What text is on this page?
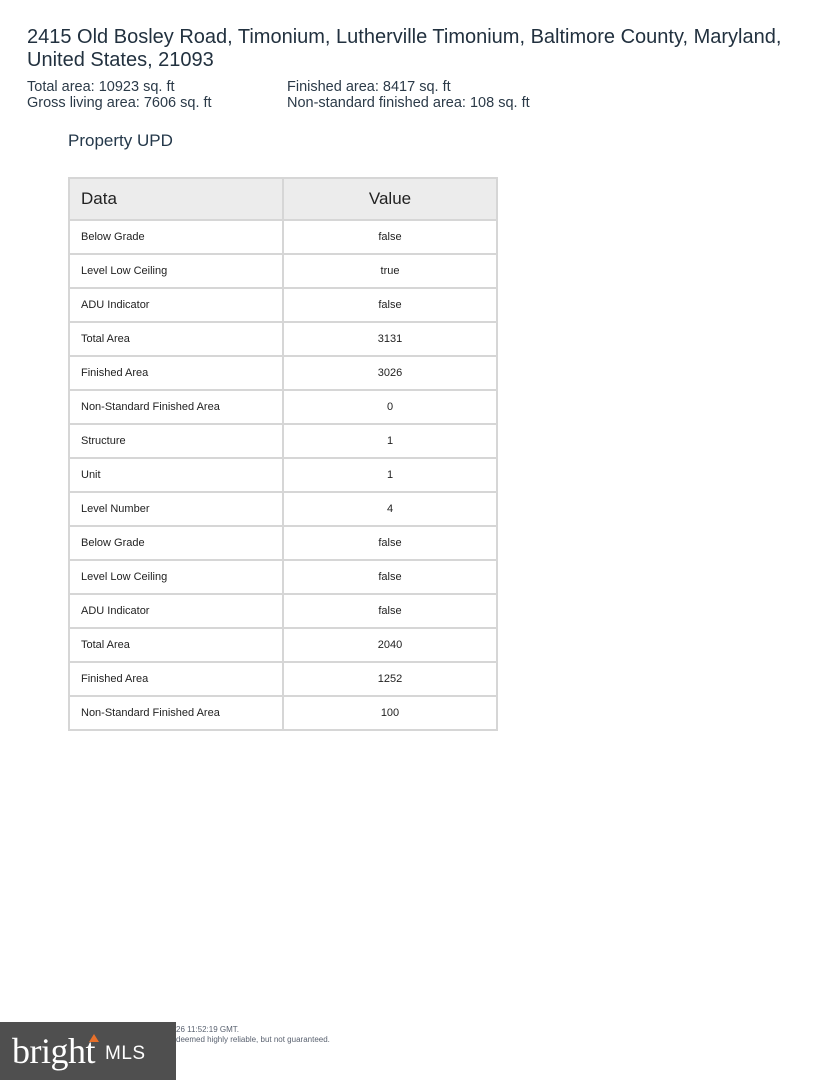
2415 Old Bosley Road, Timonium, Lutherville Timonium, Baltimore County, Maryland, United States, 21093
Total area: 10923 sq. ft	Finished area: 8417 sq. ft
Gross living area: 7606 sq. ft	Non-standard finished area: 108 sq. ft
Property UPD
Data	Value
Below Grade	false
Level Low Ceiling	true
ADU Indicator	false
Total Area	3131
Finished Area	3026
Non-Standard Finished Area	0
Structure	1
Unit	1
Level Number	4
Below Grade	false
Level Low Ceiling	false
ADU Indicator	false
Total Area	2040
Finished Area	1252
Non-Standard Finished Area	100
bright MLS
26 11:52:19 GMT.
deemed highly reliable, but not guaranteed.
